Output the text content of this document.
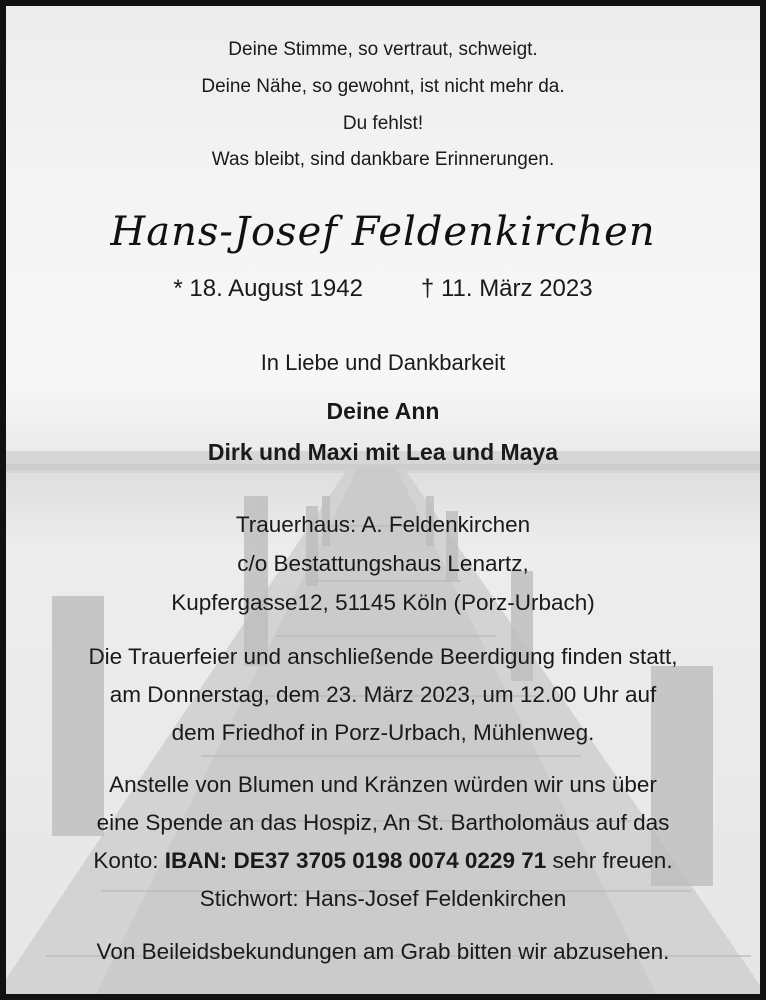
Deine Stimme, so vertraut, schweigt.
Deine Nähe, so gewohnt, ist nicht mehr da.
Du fehlst!
Was bleibt, sind dankbare Erinnerungen.
Hans-Josef Feldenkirchen
* 18. August 1942 † 11. März 2023
In Liebe und Dankbarkeit
Deine Ann
Dirk und Maxi mit Lea und Maya
Trauerhaus: A. Feldenkirchen
c/o Bestattungshaus Lenartz,
Kupfergasse12, 51145 Köln (Porz-Urbach)
Die Trauerfeier und anschließende Beerdigung finden statt,
am Donnerstag, dem 23. März 2023, um 12.00 Uhr auf
dem Friedhof in Porz-Urbach, Mühlenweg.
Anstelle von Blumen und Kränzen würden wir uns über
eine Spende an das Hospiz, An St. Bartholomäus auf das
Konto: IBAN: DE37 3705 0198 0074 0229 71 sehr freuen.
Stichwort: Hans-Josef Feldenkirchen
Von Beileidsbekundungen am Grab bitten wir abzusehen.
